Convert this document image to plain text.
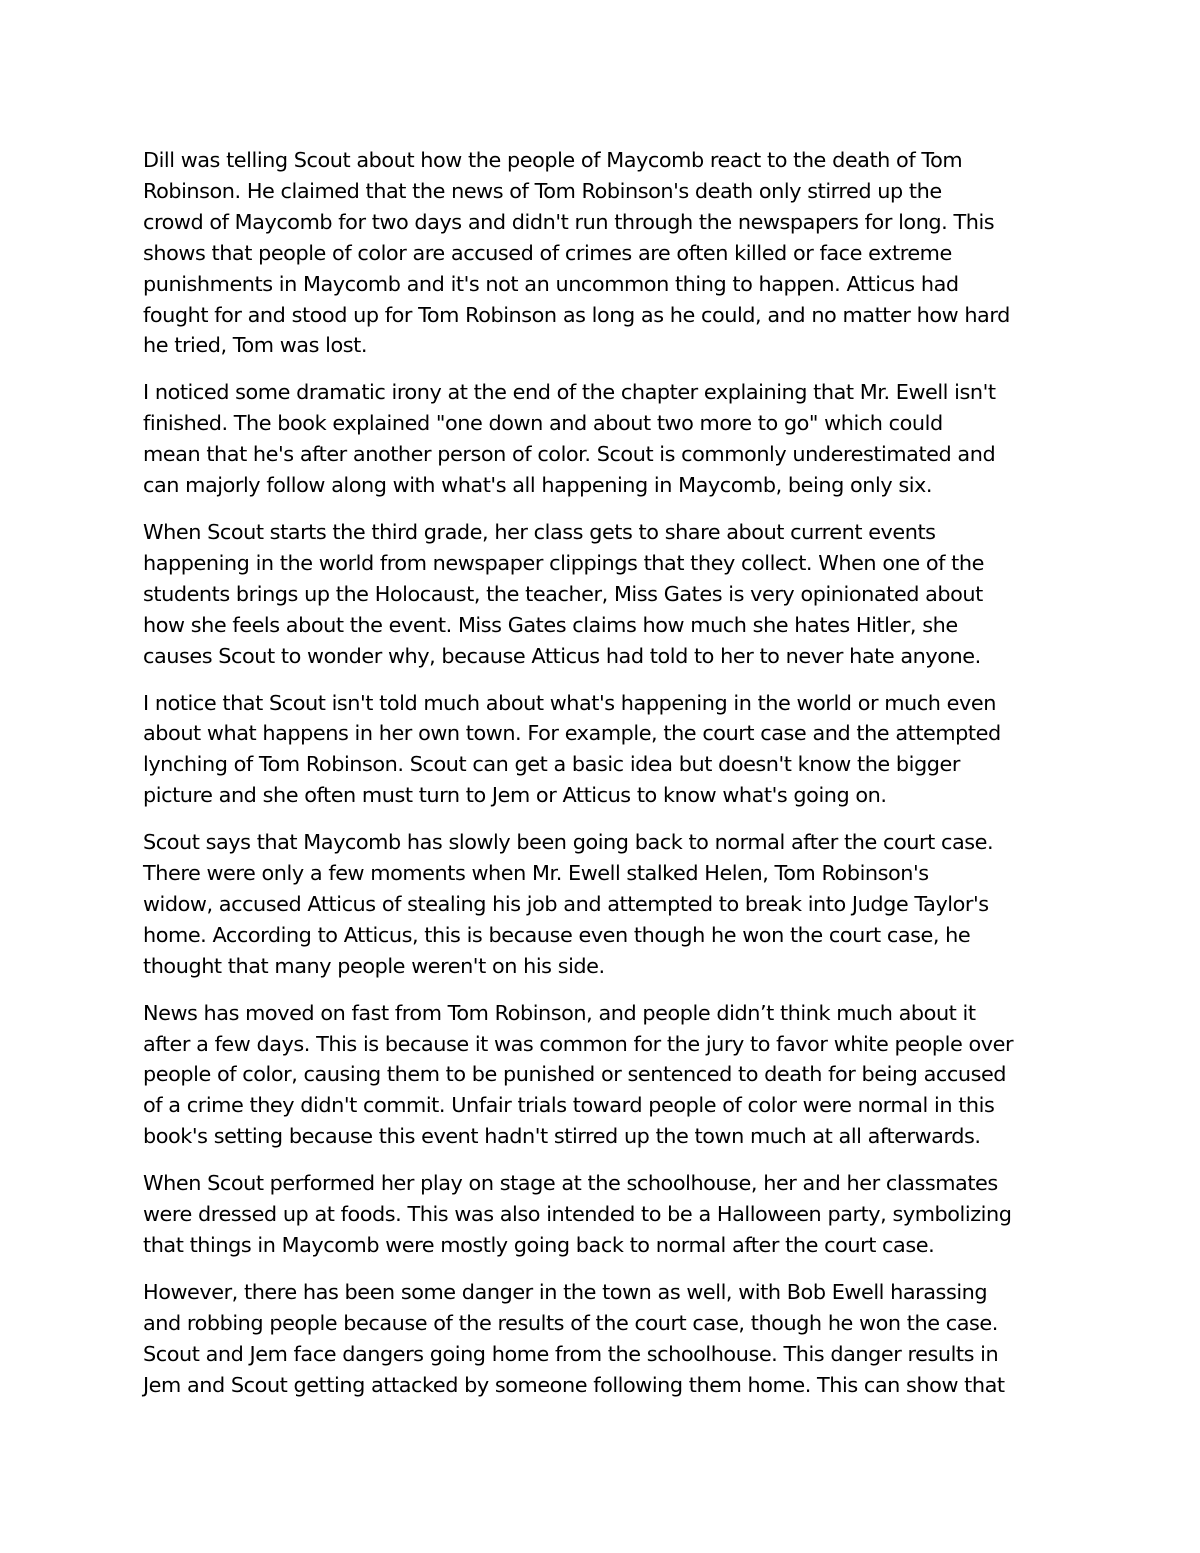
Dill was telling Scout about how the people of Maycomb react to the death of Tom
Robinson. He claimed that the news of Tom Robinson's death only stirred up the
crowd of Maycomb for two days and didn't run through the newspapers for long. This
shows that people of color are accused of crimes are often killed or face extreme
punishments in Maycomb and it's not an uncommon thing to happen. Atticus had
fought for and stood up for Tom Robinson as long as he could, and no matter how hard
he tried, Tom was lost.

I noticed some dramatic irony at the end of the chapter explaining that Mr. Ewell isn't
finished. The book explained "one down and about two more to go" which could
mean that he's after another person of color. Scout is commonly underestimated and
can majorly follow along with what's all happening in Maycomb, being only six.

When Scout starts the third grade, her class gets to share about current events
happening in the world from newspaper clippings that they collect. When one of the
students brings up the Holocaust, the teacher, Miss Gates is very opinionated about
how she feels about the event. Miss Gates claims how much she hates Hitler, she
causes Scout to wonder why, because Atticus had told to her to never hate anyone.

I notice that Scout isn't told much about what's happening in the world or much even
about what happens in her own town. For example, the court case and the attempted
lynching of Tom Robinson. Scout can get a basic idea but doesn't know the bigger
picture and she often must turn to Jem or Atticus to know what's going on.

Scout says that Maycomb has slowly been going back to normal after the court case.
There were only a few moments when Mr. Ewell stalked Helen, Tom Robinson's
widow, accused Atticus of stealing his job and attempted to break into Judge Taylor's
home. According to Atticus, this is because even though he won the court case, he
thought that many people weren't on his side.

News has moved on fast from Tom Robinson, and people didn’t think much about it
after a few days. This is because it was common for the jury to favor white people over
people of color, causing them to be punished or sentenced to death for being accused
of a crime they didn't commit. Unfair trials toward people of color were normal in this
book's setting because this event hadn't stirred up the town much at all afterwards.

When Scout performed her play on stage at the schoolhouse, her and her classmates
were dressed up at foods. This was also intended to be a Halloween party, symbolizing
that things in Maycomb were mostly going back to normal after the court case.

However, there has been some danger in the town as well, with Bob Ewell harassing
and robbing people because of the results of the court case, though he won the case.
Scout and Jem face dangers going home from the schoolhouse. This danger results in
Jem and Scout getting attacked by someone following them home. This can show that
